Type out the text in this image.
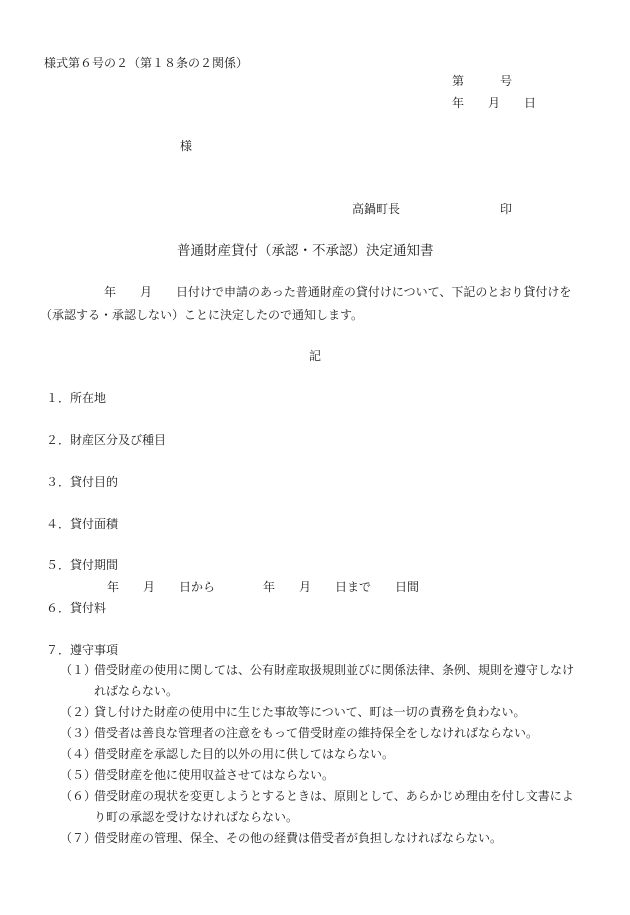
様式第６号の２（第１８条の２関係）
第　　　号
年　　月　　日
様
高鍋町長	印
普通財産貸付（承認・不承認）決定通知書
年　　月　　日付けで申請のあった普通財産の貸付けについて、下記のとおり貸付けを
（承認する・承認しない）ことに決定したので通知します。
記
１．所在地
２．財産区分及び種目
３．貸付目的
４．貸付面積
５．貸付期間
年　　月　　日から　　　　年　　月　　日まで　　日間
６．貸付料
７．遵守事項
（１）
借受財産の使用に関しては、公有財産取扱規則並びに関係法律、条例、規則を遵守しなけ
ればならない。
（２）
貸し付けた財産の使用中に生じた事故等について、町は一切の責務を負わない。
（３）
借受者は善良な管理者の注意をもって借受財産の維持保全をしなければならない。
（４）
借受財産を承認した目的以外の用に供してはならない。
（５）
借受財産を他に使用収益させてはならない。
（６）
借受財産の現状を変更しようとするときは、原則として、あらかじめ理由を付し文書によ
り町の承認を受けなければならない。
（７）
借受財産の管理、保全、その他の経費は借受者が負担しなければならない。
